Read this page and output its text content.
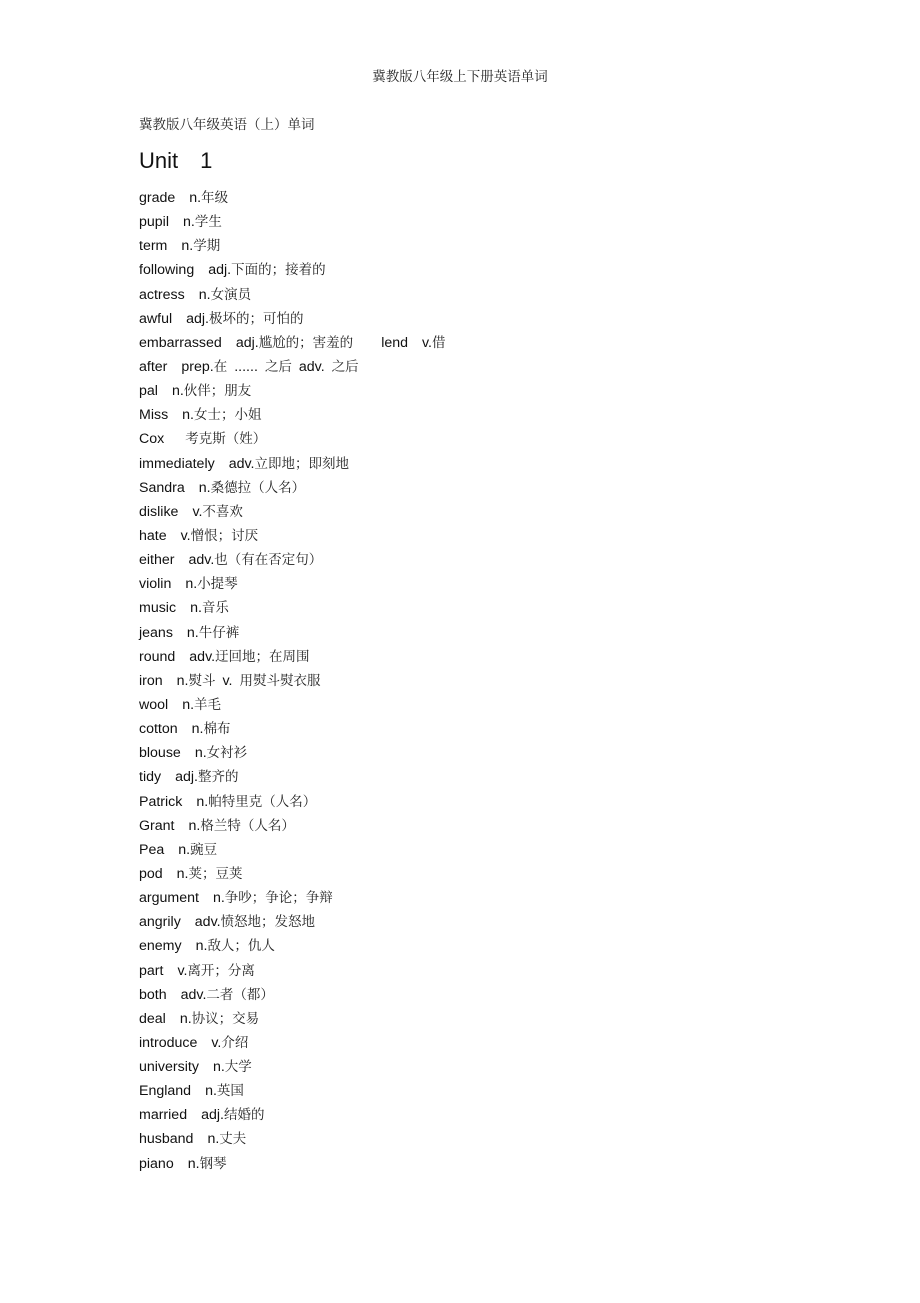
冀教版八年级上下册英语单词
冀教版八年级英语（上）单词
Unit 1
grade n.年级
pupil n.学生
term n.学期
following adj.下面的；接着的
actress n.女演员
awful adj.极坏的；可怕的
embarrassed adj.尴尬的；害羞的 lend v.借
after prep.在 ...... 之后 adv. 之后
pal n.伙伴；朋友
Miss n.女士；小姐
Cox 考克斯（姓）
immediately adv.立即地；即刻地
Sandra n.桑德拉（人名）
dislike v.不喜欢
hate v.憎恨；讨厌
either adv.也（有在否定句）
violin n.小提琴
music n.音乐
jeans n.牛仔裤
round adv.迂回地；在周围
iron n.熨斗 v. 用熨斗熨衣服
wool n.羊毛
cotton n.棉布
blouse n.女衬衫
tidy adj.整齐的
Patrick n.帕特里克（人名）
Grant n.格兰特（人名）
Pea n.豌豆
pod n.荚；豆荚
argument n.争吵；争论；争辩
angrily adv.愤怒地；发怒地
enemy n.敌人；仇人
part v.离开；分离
both adv.二者（都）
deal n.协议；交易
introduce v.介绍
university n.大学
England n.英国
married adj.结婚的
husband n.丈夫
piano n.钢琴
